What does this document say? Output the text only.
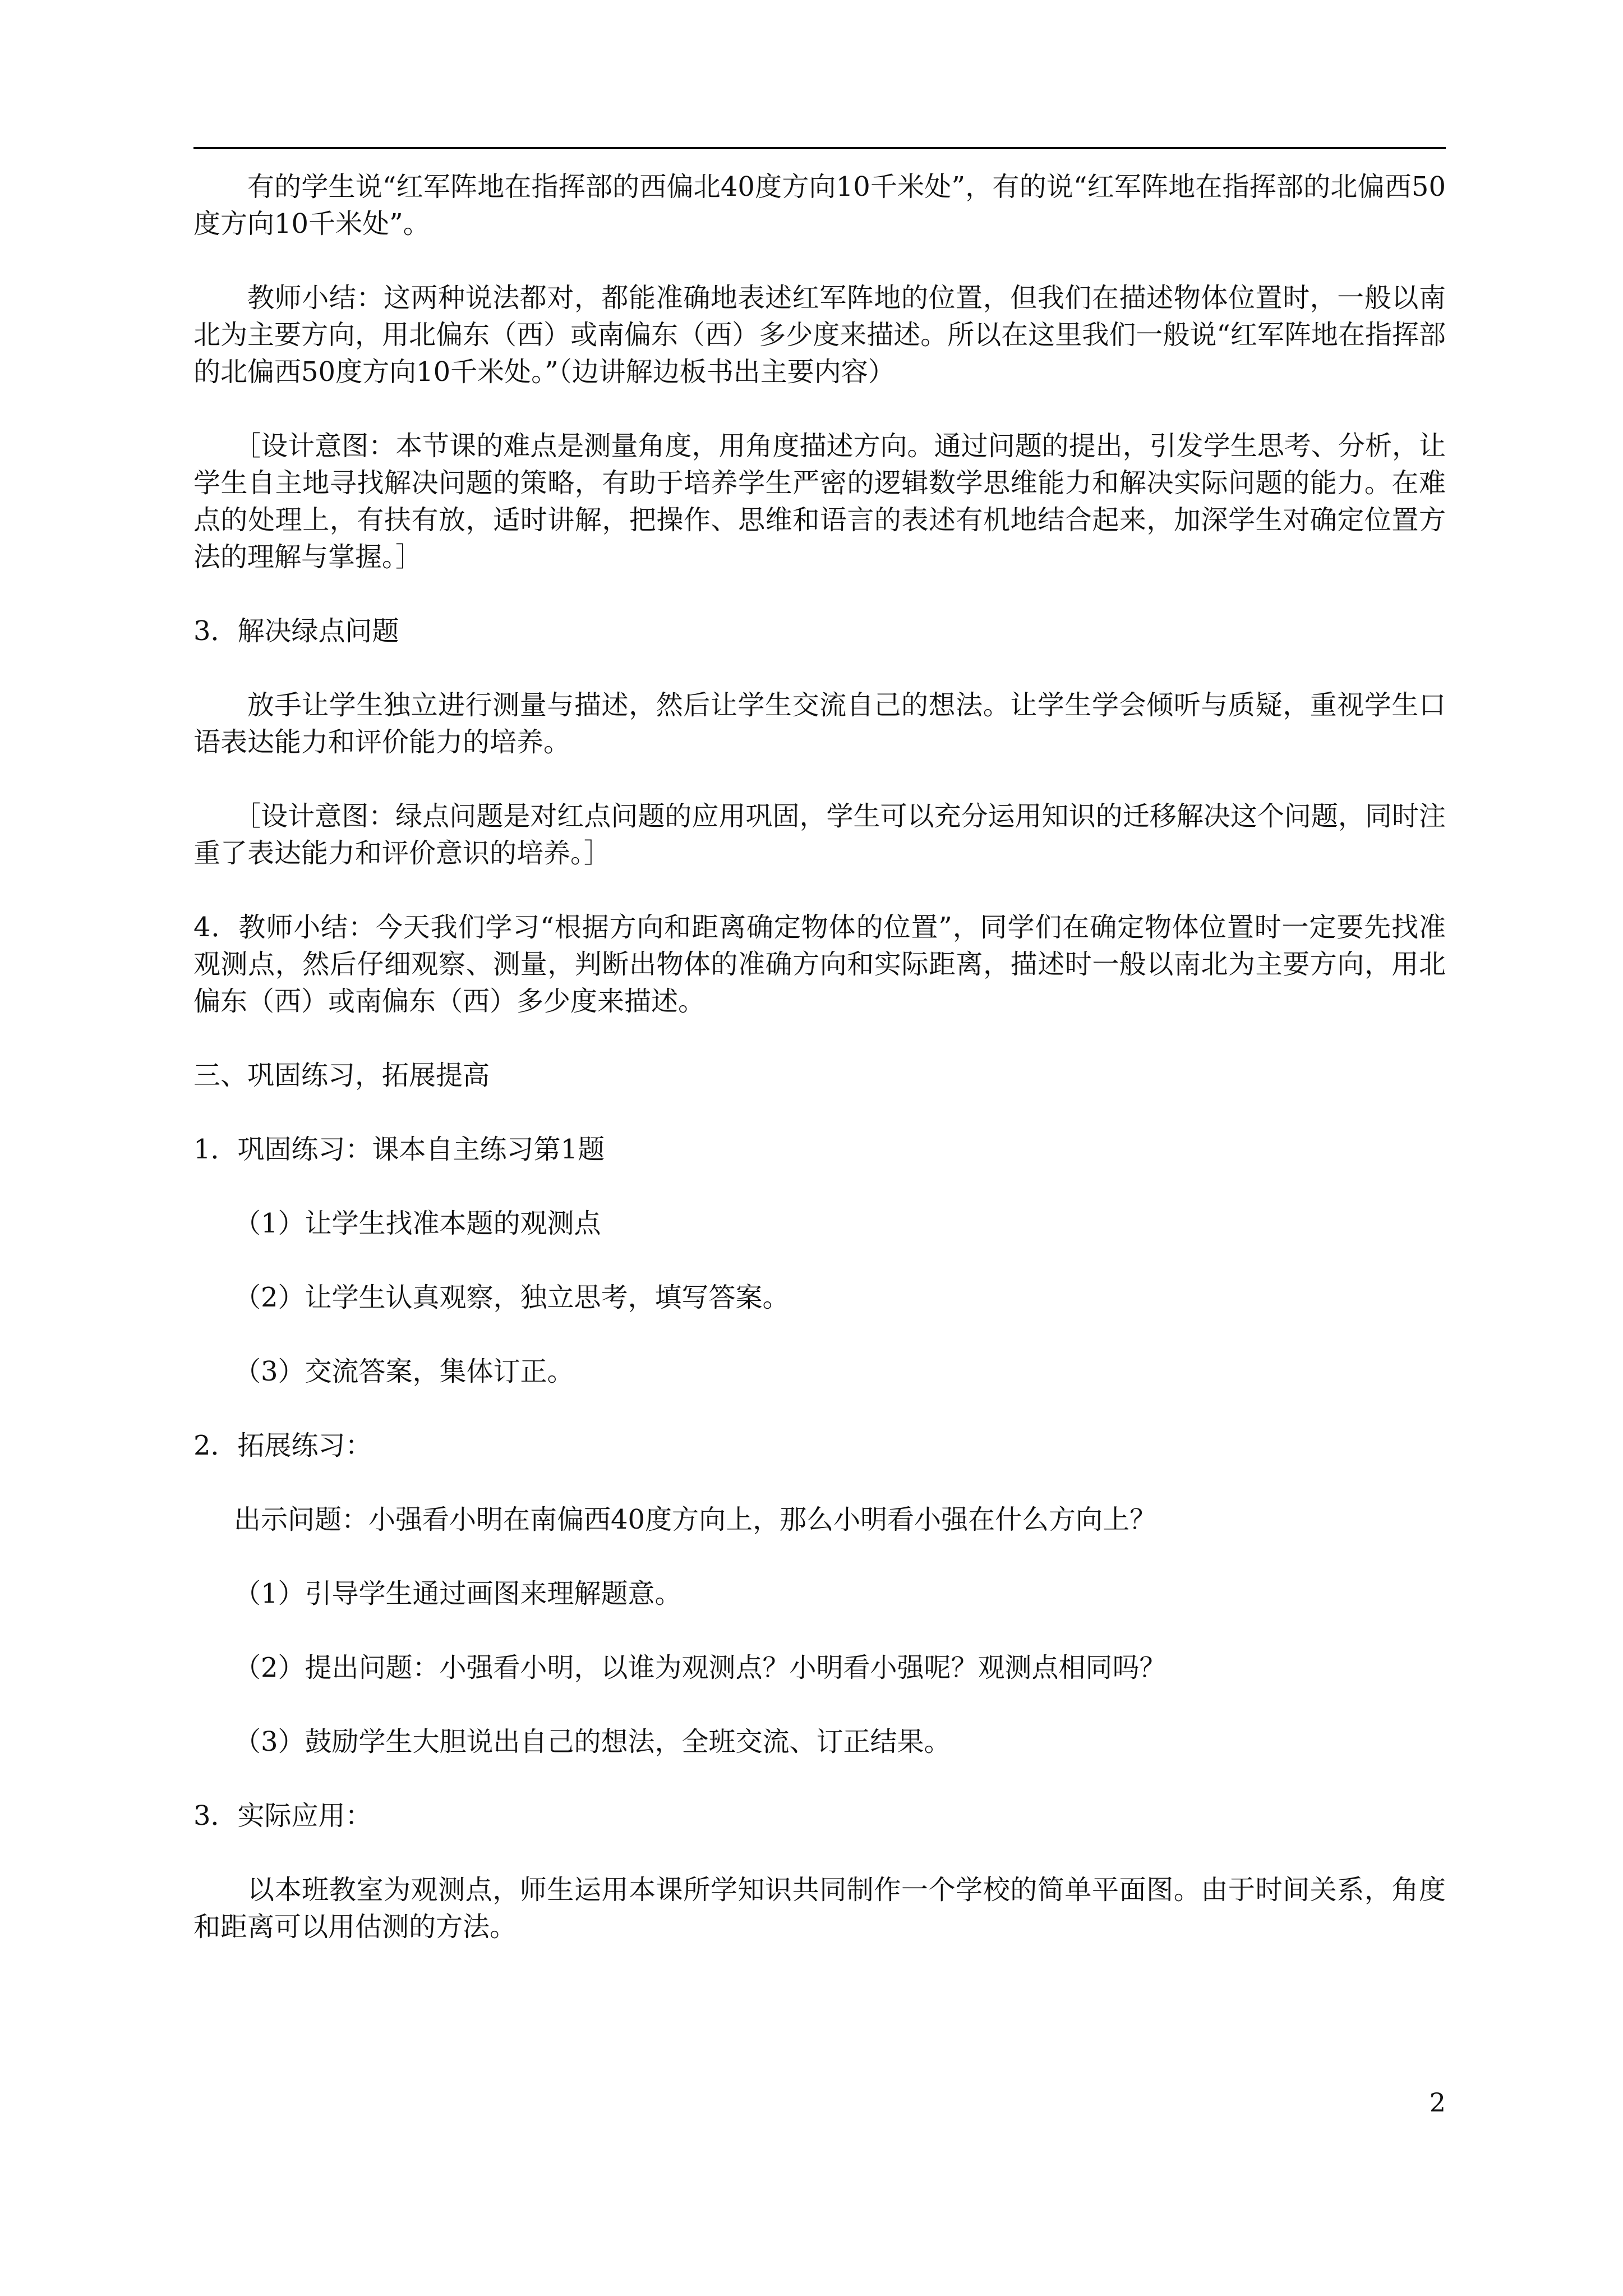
有的学生说“红军阵地在指挥部的西偏北40度方向10千米处”，有的说“红军阵地在指挥部的北偏西50度方向10千米处”。

教师小结：这两种说法都对，都能准确地表述红军阵地的位置，但我们在描述物体位置时，一般以南北为主要方向，用北偏东（西）或南偏东（西）多少度来描述。所以在这里我们一般说“红军阵地在指挥部的北偏西50度方向10千米处。”（边讲解边板书出主要内容）

［设计意图：本节课的难点是测量角度，用角度描述方向。通过问题的提出，引发学生思考、分析，让学生自主地寻找解决问题的策略，有助于培养学生严密的逻辑数学思维能力和解决实际问题的能力。在难点的处理上，有扶有放，适时讲解，把操作、思维和语言的表述有机地结合起来，加深学生对确定位置方法的理解与掌握。］

3．解决绿点问题

放手让学生独立进行测量与描述，然后让学生交流自己的想法。让学生学会倾听与质疑，重视学生口语表达能力和评价能力的培养。

［设计意图：绿点问题是对红点问题的应用巩固，学生可以充分运用知识的迁移解决这个问题，同时注重了表达能力和评价意识的培养。］

4．教师小结：今天我们学习“根据方向和距离确定物体的位置”，同学们在确定物体位置时一定要先找准观测点，然后仔细观察、测量，判断出物体的准确方向和实际距离，描述时一般以南北为主要方向，用北偏东（西）或南偏东（西）多少度来描述。

三、巩固练习，拓展提高

1．巩固练习：课本自主练习第1题

（1）让学生找准本题的观测点

（2）让学生认真观察，独立思考，填写答案。

（3）交流答案，集体订正。

2．拓展练习：

出示问题：小强看小明在南偏西40度方向上，那么小明看小强在什么方向上？

（1）引导学生通过画图来理解题意。

（2）提出问题：小强看小明，以谁为观测点？小明看小强呢？观测点相同吗？

（3）鼓励学生大胆说出自己的想法，全班交流、订正结果。

3．实际应用：

以本班教室为观测点，师生运用本课所学知识共同制作一个学校的简单平面图。由于时间关系，角度和距离可以用估测的方法。

2
